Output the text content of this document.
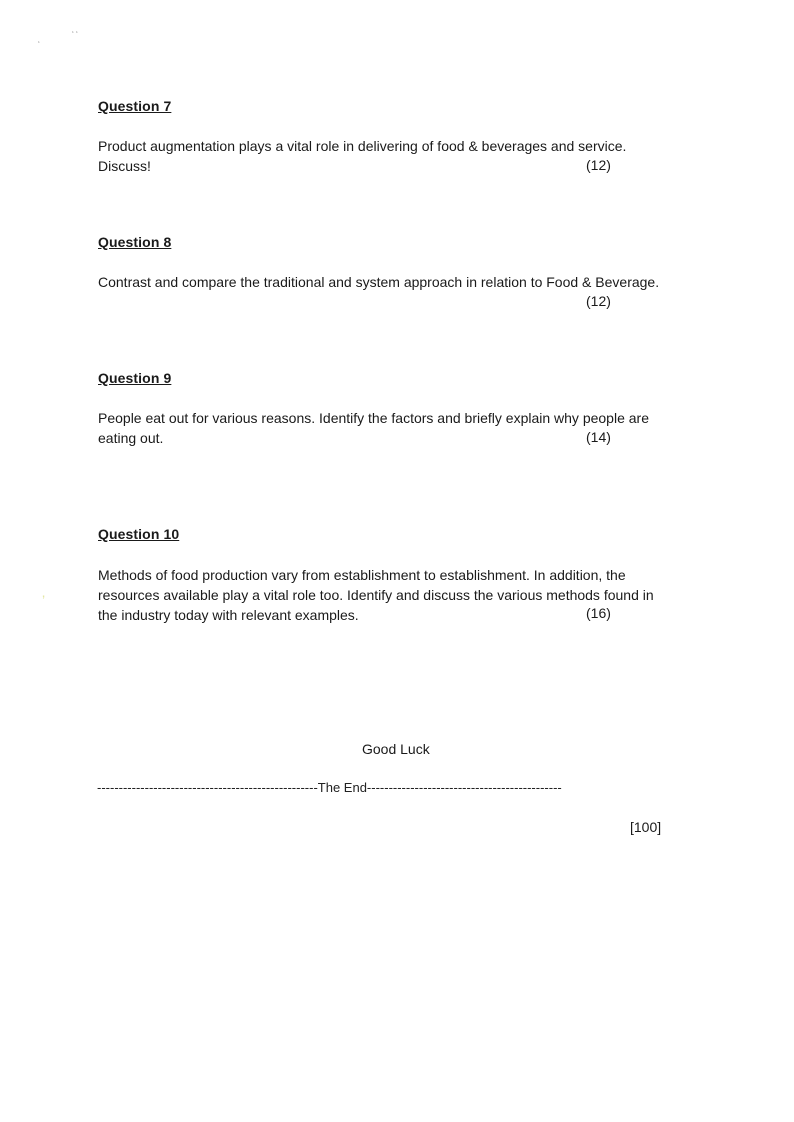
‘
‘ ‘
Question 7
Product augmentation plays a vital role in delivering of food & beverages and service.
Discuss!	(12)
Question 8
Contrast and compare the traditional and system approach in relation to Food & Beverage.
(12)
Question 9
People eat out for various reasons. Identify the factors and briefly explain why people are
eating out.	(14)
Question 10
Methods of food production vary from establishment to establishment. In addition, the
resources available play a vital role too. Identify and discuss the various methods found in
the industry today with relevant examples.	(16)
’
Good Luck
---------------------------------------------------The End---------------------------------------------
[100]
